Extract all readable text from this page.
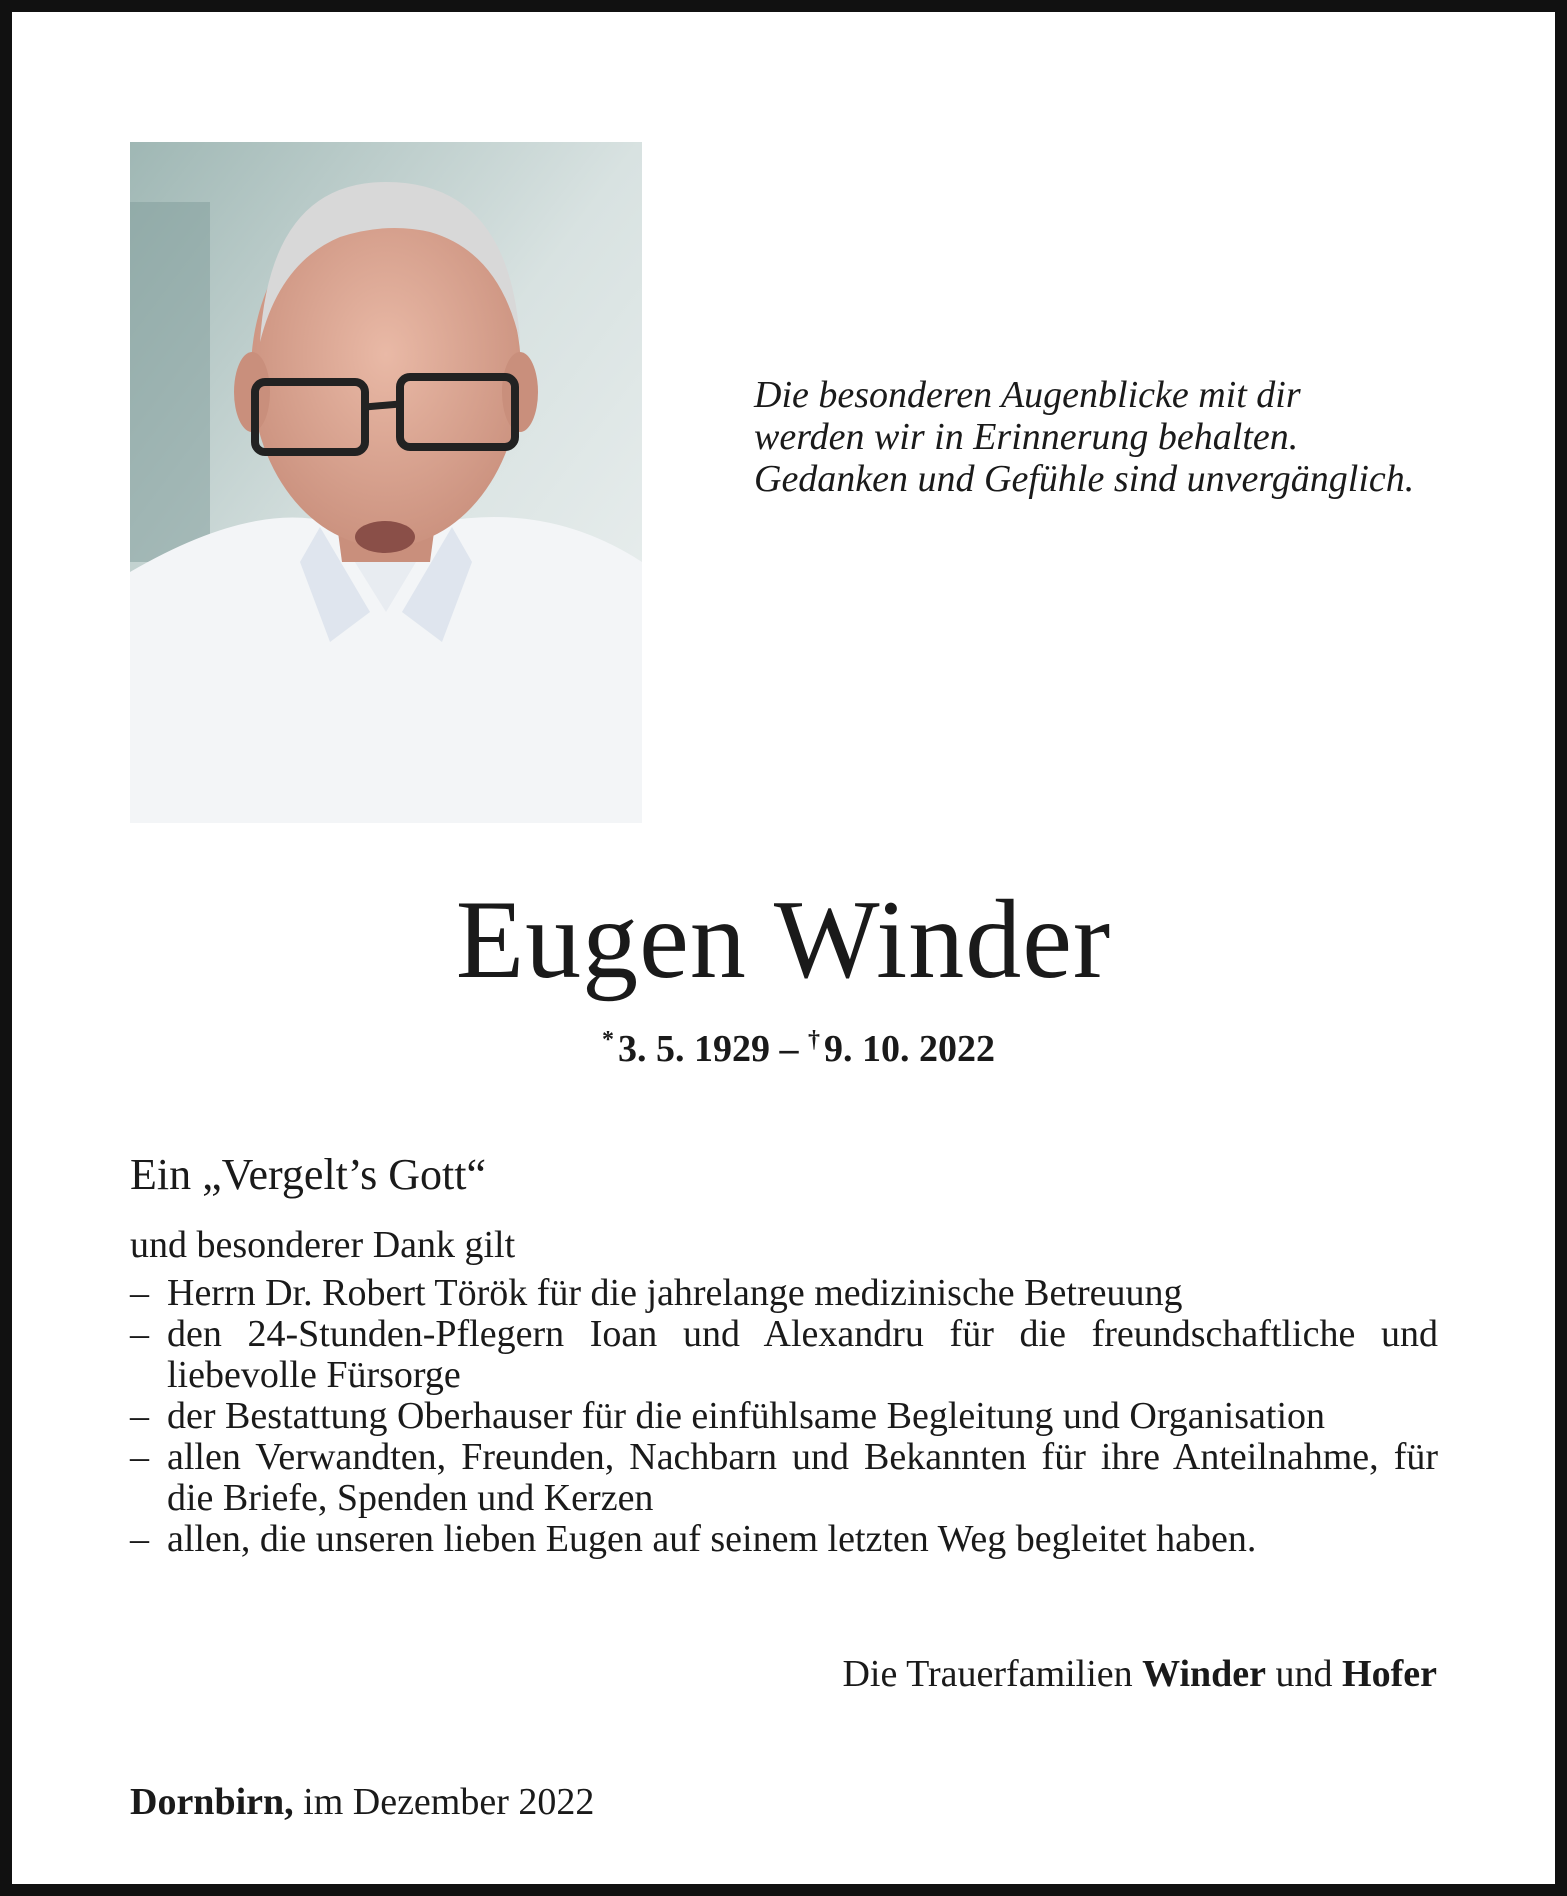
Die besonderen Augenblicke mit dir
werden wir in Erinnerung behalten.
Gedanken und Gefühle sind unvergänglich.
Eugen Winder
* 3. 5. 1929 – † 9. 10. 2022
Ein „Vergelt’s Gott“
und besonderer Dank gilt
– Herrn Dr. Robert Török für die jahrelange medizinische Betreuung
– den 24-Stunden-Pflegern Ioan und Alexandru für die freundschaftliche und liebevolle Fürsorge
– der Bestattung Oberhauser für die einfühlsame Begleitung und Organisation
– allen Verwandten, Freunden, Nachbarn und Bekannten für ihre Anteilnahme, für die Briefe, Spenden und Kerzen
– allen, die unseren lieben Eugen auf seinem letzten Weg begleitet haben.
Die Trauerfamilien Winder und Hofer
Dornbirn, im Dezember 2022
